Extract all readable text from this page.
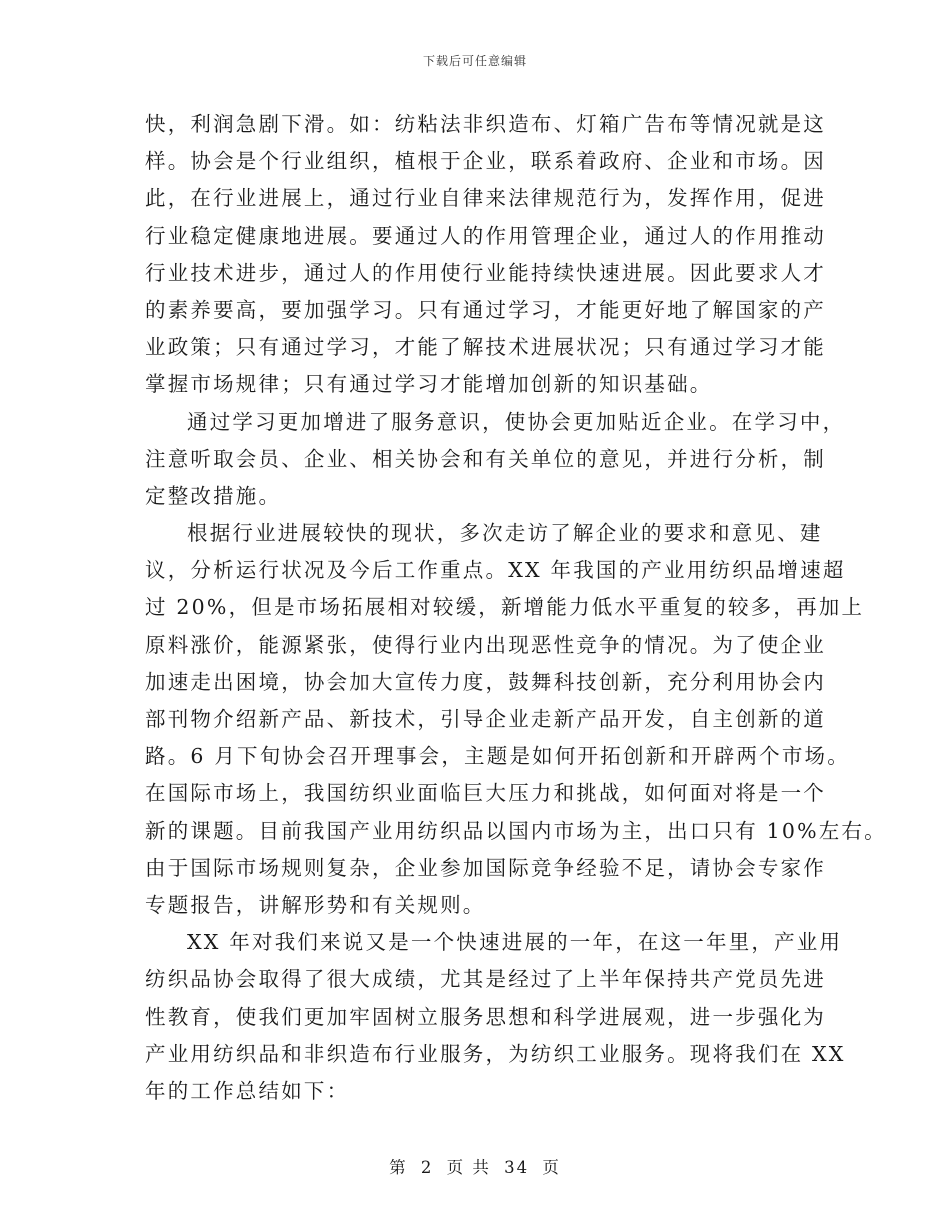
下载后可任意编辑
快，利润急剧下滑。如：纺粘法非织造布、灯箱广告布等情况就是这
样。协会是个行业组织，植根于企业，联系着政府、企业和市场。因
此，在行业进展上，通过行业自律来法律规范行为，发挥作用，促进
行业稳定健康地进展。要通过人的作用管理企业，通过人的作用推动
行业技术进步，通过人的作用使行业能持续快速进展。因此要求人才
的素养要高，要加强学习。只有通过学习，才能更好地了解国家的产
业政策；只有通过学习，才能了解技术进展状况；只有通过学习才能
掌握市场规律；只有通过学习才能增加创新的知识基础。
通过学习更加增进了服务意识，使协会更加贴近企业。在学习中，
注意听取会员、企业、相关协会和有关单位的意见，并进行分析，制
定整改措施。
根据行业进展较快的现状，多次走访了解企业的要求和意见、建
议，分析运行状况及今后工作重点。XX 年我国的产业用纺织品增速超
过 20%，但是市场拓展相对较缓，新增能力低水平重复的较多，再加上
原料涨价，能源紧张，使得行业内出现恶性竞争的情况。为了使企业
加速走出困境，协会加大宣传力度，鼓舞科技创新，充分利用协会内
部刊物介绍新产品、新技术，引导企业走新产品开发，自主创新的道
路。6 月下旬协会召开理事会，主题是如何开拓创新和开辟两个市场。
在国际市场上，我国纺织业面临巨大压力和挑战，如何面对将是一个
新的课题。目前我国产业用纺织品以国内市场为主，出口只有 10%左右。
由于国际市场规则复杂，企业参加国际竞争经验不足，请协会专家作
专题报告，讲解形势和有关规则。
XX 年对我们来说又是一个快速进展的一年，在这一年里，产业用
纺织品协会取得了很大成绩，尤其是经过了上半年保持共产党员先进
性教育，使我们更加牢固树立服务思想和科学进展观，进一步强化为
产业用纺织品和非织造布行业服务，为纺织工业服务。现将我们在 XX
年的工作总结如下：
第 2 页 共 34 页
